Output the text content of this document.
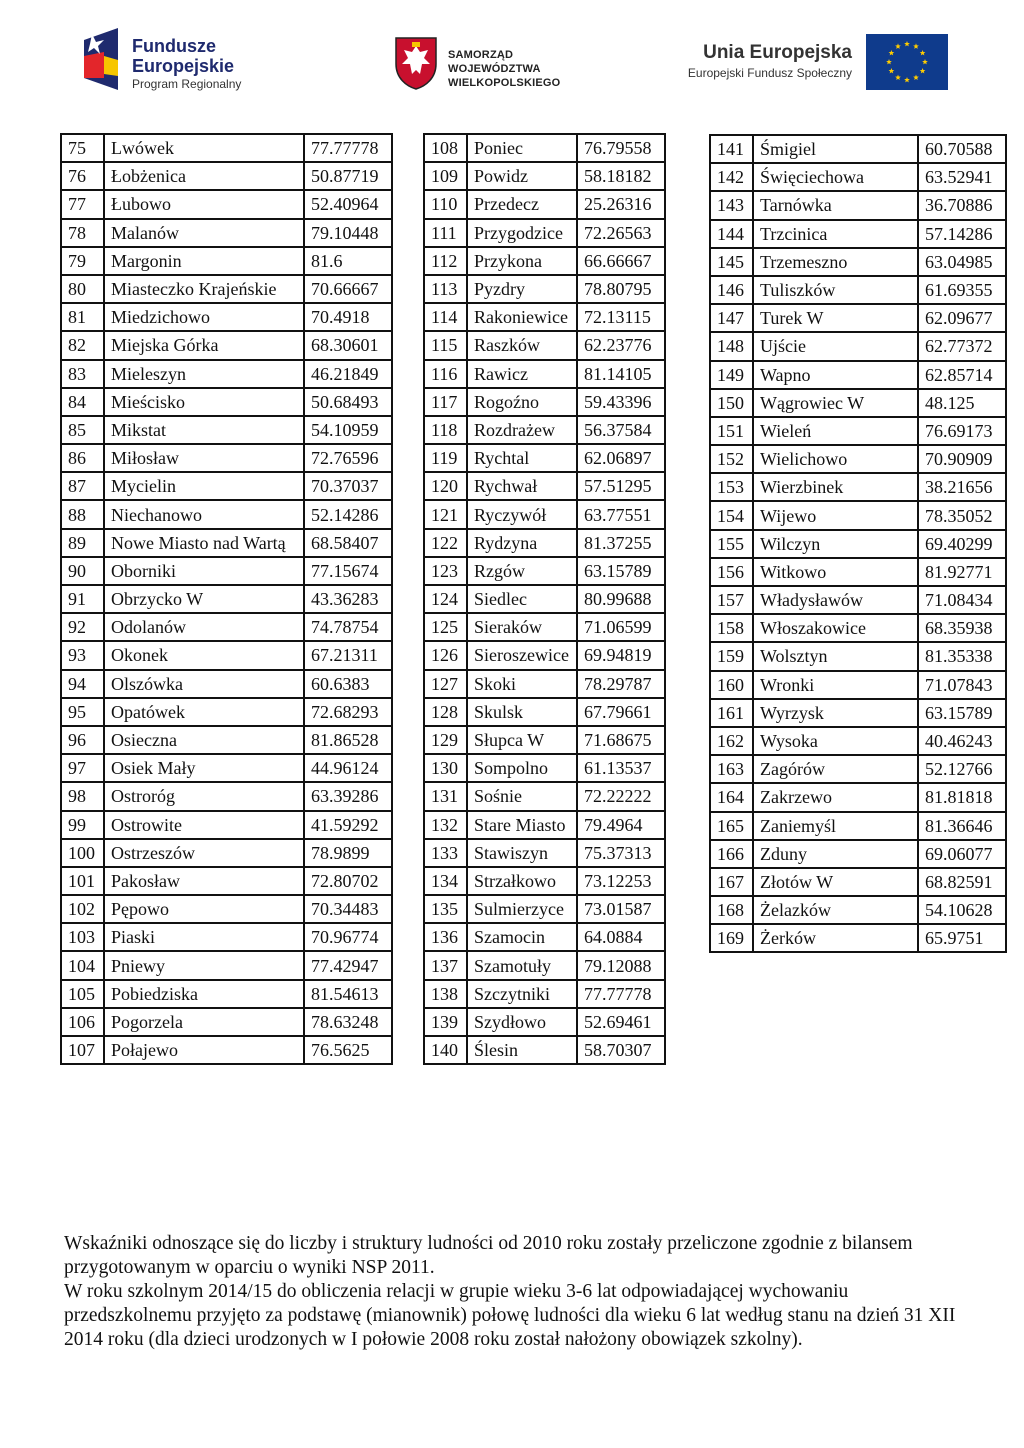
Fundusze
Europejskie
Program Regionalny
SAMORZĄD WOJEWÓDZTWA
WIELKOPOLSKIEGO
Unia Europejska
Europejski Fundusz Społeczny
75	Lwówek	77.77778
76	Łobżenica	50.87719
77	Łubowo	52.40964
78	Malanów	79.10448
79	Margonin	81.6
80	Miasteczko Krajeńskie	70.66667
81	Miedzichowo	70.4918
82	Miejska Górka	68.30601
83	Mieleszyn	46.21849
84	Mieścisko	50.68493
85	Mikstat	54.10959
86	Miłosław	72.76596
87	Mycielin	70.37037
88	Niechanowo	52.14286
89	Nowe Miasto nad Wartą	68.58407
90	Oborniki	77.15674
91	Obrzycko W	43.36283
92	Odolanów	74.78754
93	Okonek	67.21311
94	Olszówka	60.6383
95	Opatówek	72.68293
96	Osieczna	81.86528
97	Osiek Mały	44.96124
98	Ostroróg	63.39286
99	Ostrowite	41.59292
100	Ostrzeszów	78.9899
101	Pakosław	72.80702
102	Pępowo	70.34483
103	Piaski	70.96774
104	Pniewy	77.42947
105	Pobiedziska	81.54613
106	Pogorzela	78.63248
107	Połajewo	76.5625
108	Poniec	76.79558
109	Powidz	58.18182
110	Przedecz	25.26316
111	Przygodzice	72.26563
112	Przykona	66.66667
113	Pyzdry	78.80795
114	Rakoniewice	72.13115
115	Raszków	62.23776
116	Rawicz	81.14105
117	Rogoźno	59.43396
118	Rozdrażew	56.37584
119	Rychtal	62.06897
120	Rychwał	57.51295
121	Ryczywół	63.77551
122	Rydzyna	81.37255
123	Rzgów	63.15789
124	Siedlec	80.99688
125	Sieraków	71.06599
126	Sieroszewice	69.94819
127	Skoki	78.29787
128	Skulsk	67.79661
129	Słupca W	71.68675
130	Sompolno	61.13537
131	Sośnie	72.22222
132	Stare Miasto	79.4964
133	Stawiszyn	75.37313
134	Strzałkowo	73.12253
135	Sulmierzyce	73.01587
136	Szamocin	64.0884
137	Szamotuły	79.12088
138	Szczytniki	77.77778
139	Szydłowo	52.69461
140	Ślesin	58.70307
141	Śmigiel	60.70588
142	Święciechowa	63.52941
143	Tarnówka	36.70886
144	Trzcinica	57.14286
145	Trzemeszno	63.04985
146	Tuliszków	61.69355
147	Turek W	62.09677
148	Ujście	62.77372
149	Wapno	62.85714
150	Wągrowiec W	48.125
151	Wieleń	76.69173
152	Wielichowo	70.90909
153	Wierzbinek	38.21656
154	Wijewo	78.35052
155	Wilczyn	69.40299
156	Witkowo	81.92771
157	Władysławów	71.08434
158	Włoszakowice	68.35938
159	Wolsztyn	81.35338
160	Wronki	71.07843
161	Wyrzysk	63.15789
162	Wysoka	40.46243
163	Zagórów	52.12766
164	Zakrzewo	81.81818
165	Zaniemyśl	81.36646
166	Zduny	69.06077
167	Złotów W	68.82591
168	Żelazków	54.10628
169	Żerków	65.9751

Wskaźniki odnoszące się do liczby i struktury ludności od 2010 roku zostały przeliczone zgodnie z bilansem przygotowanym w oparciu o wyniki NSP 2011.

W roku szkolnym 2014/15 do obliczenia relacji w grupie wieku 3-6 lat odpowiadającej wychowaniu przedszkolnemu przyjęto za podstawę (mianownik) połowę ludności dla wieku 6 lat według stanu na dzień 31 XII 2014 roku (dla dzieci urodzonych w I połowie 2008 roku został nałożony obowiązek szkolny).
